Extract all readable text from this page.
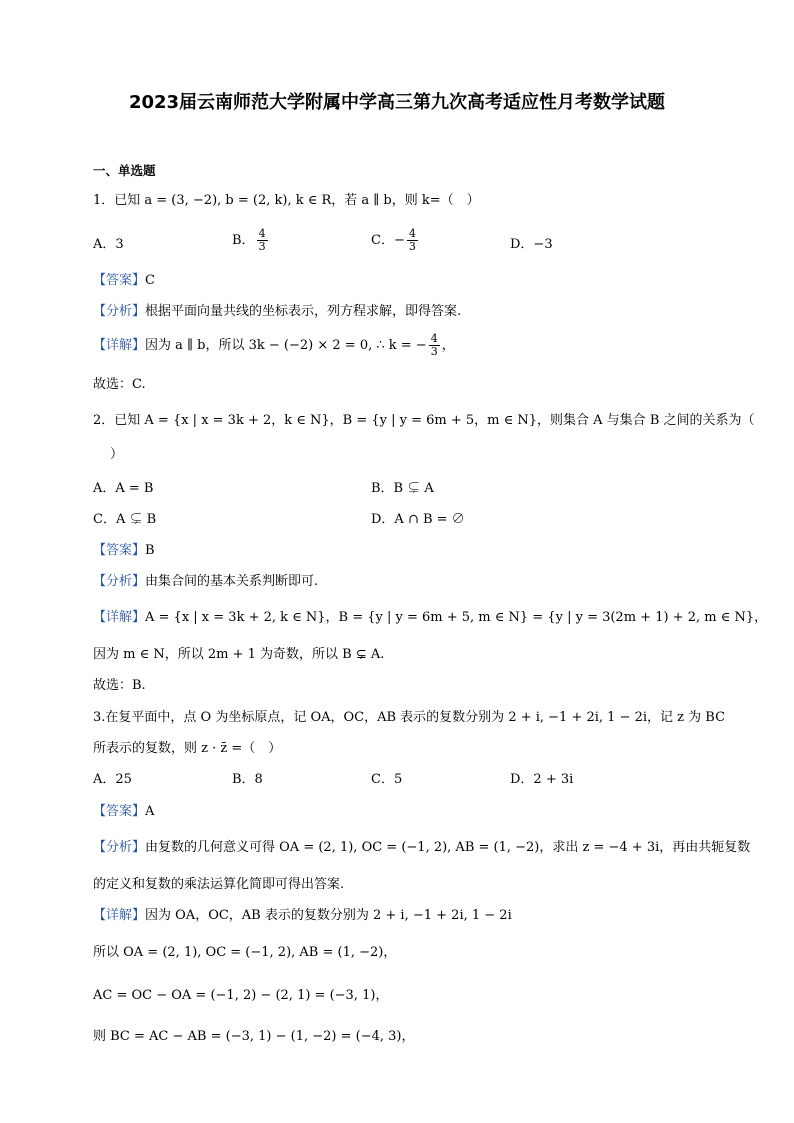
2023届云南师范大学附属中学高三第九次高考适应性月考数学试题
一、单选题
1．已知 a = (3, −2), b = (2, k), k ∈ R，若 a ∥ b，则 k=（　）
A．3	B． $\frac{4}{3}$	C．− $\frac{4}{3}$	D．−3
【答案】C
【分析】根据平面向量共线的坐标表示，列方程求解，即得答案.
【详解】因为 a ∥ b，所以 3k − (−2) × 2 = 0, ∴ k = − $\frac{4}{3}$ ，
故选：C.
2．已知 A = {x | x = 3k + 2，k ∈ N}，B = {y | y = 6m + 5，m ∈ N}，则集合 A 与集合 B 之间的关系为（
）
A．A = B	B．B ⊊ A
C．A ⊊ B	D．A ∩ B = ∅
【答案】B
【分析】由集合间的基本关系判断即可.
【详解】A = {x | x = 3k + 2, k ∈ N}，B = {y | y = 6m + 5, m ∈ N} = {y | y = 3(2m + 1) + 2, m ∈ N}，
因为 m ∈ N，所以 2m + 1 为奇数，所以 B ⊊ A.
故选：B.
3.在复平面中，点 O 为坐标原点，记 OA，OC，AB 表示的复数分别为 2 + i, −1 + 2i, 1 − 2i，记 z 为 BC
所表示的复数，则 z · z̄ =（　）
A．25	B．8	C．5	D．2 + 3i
【答案】A
【分析】由复数的几何意义可得 OA = (2, 1), OC = (−1, 2), AB = (1, −2)，求出 z = −4 + 3i，再由共轭复数
的定义和复数的乘法运算化简即可得出答案.
【详解】因为 OA，OC，AB 表示的复数分别为 2 + i, −1 + 2i, 1 − 2i
所以 OA = (2, 1), OC = (−1, 2), AB = (1, −2)，
AC = OC − OA = (−1, 2) − (2, 1) = (−3, 1)，
则 BC = AC − AB = (−3, 1) − (1, −2) = (−4, 3)，
